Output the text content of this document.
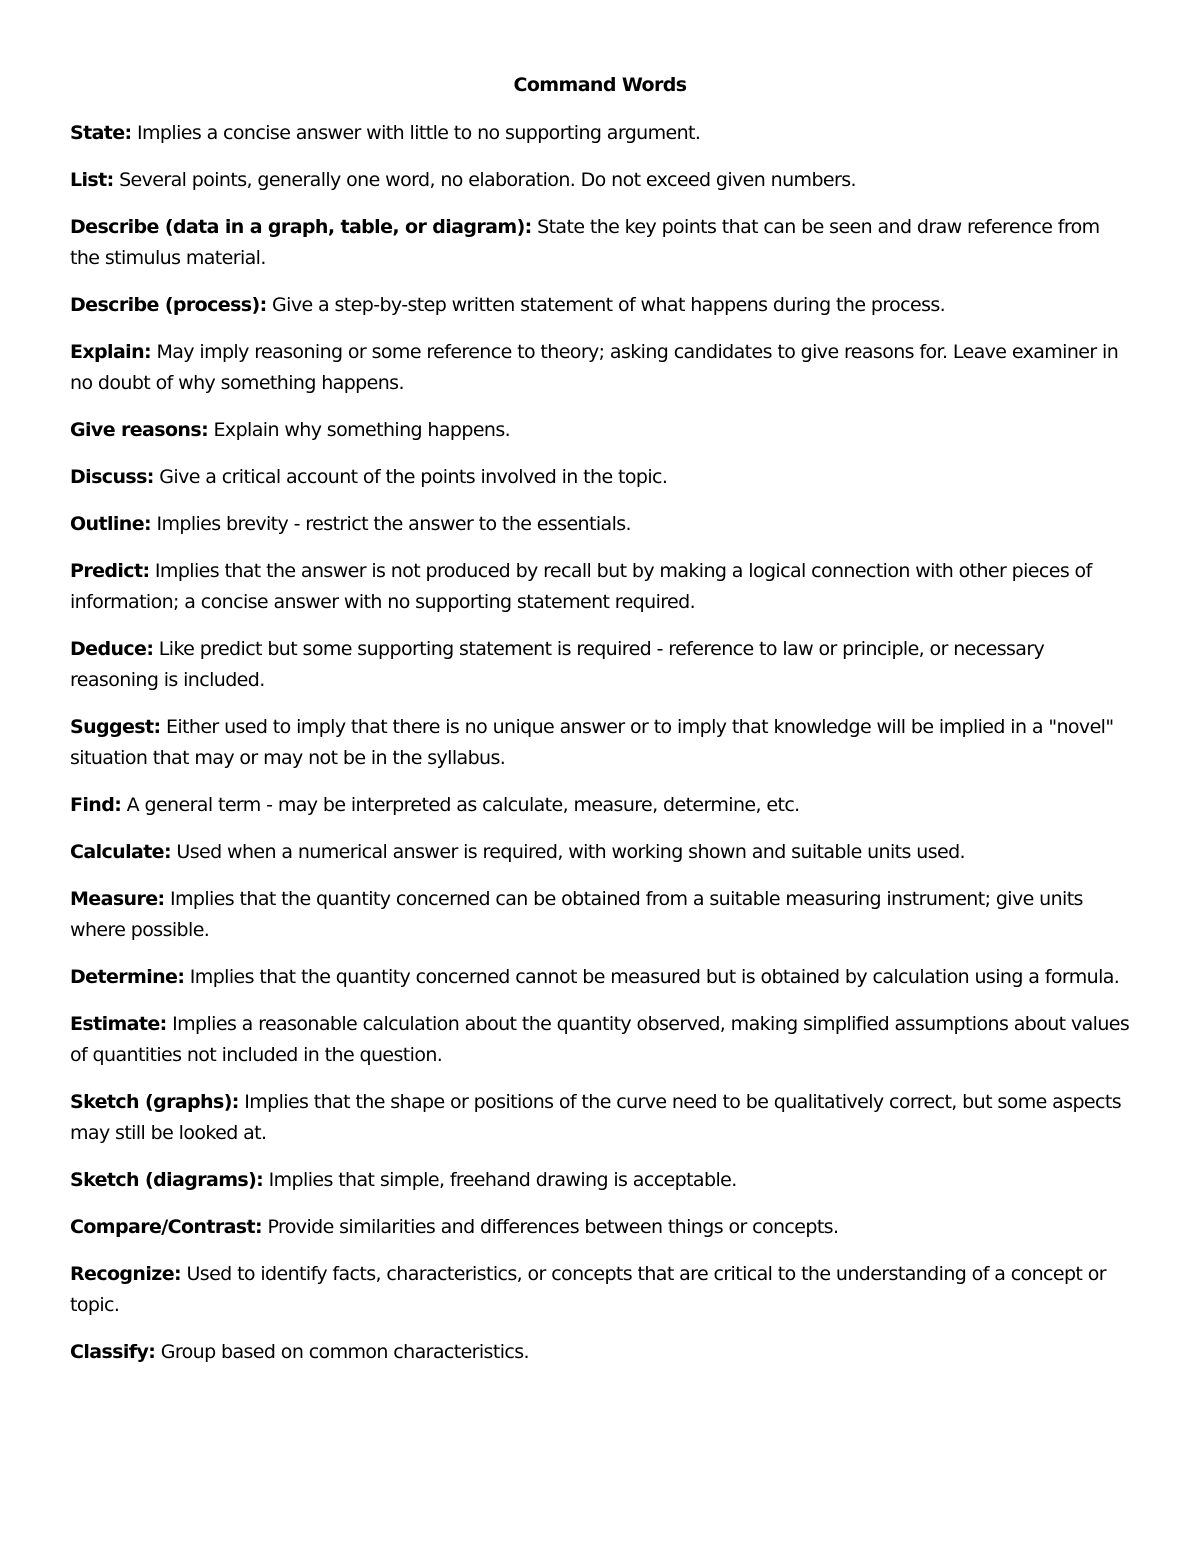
Command Words

State: Implies a concise answer with little to no supporting argument.

List: Several points, generally one word, no elaboration. Do not exceed given numbers.

Describe (data in a graph, table, or diagram): State the key points that can be seen and draw reference from the stimulus material.

Describe (process): Give a step-by-step written statement of what happens during the process.

Explain: May imply reasoning or some reference to theory; asking candidates to give reasons for. Leave examiner in no doubt of why something happens.

Give reasons: Explain why something happens.

Discuss: Give a critical account of the points involved in the topic.

Outline: Implies brevity - restrict the answer to the essentials.

Predict: Implies that the answer is not produced by recall but by making a logical connection with other pieces of information; a concise answer with no supporting statement required.

Deduce: Like predict but some supporting statement is required - reference to law or principle, or necessary reasoning is included.

Suggest: Either used to imply that there is no unique answer or to imply that knowledge will be implied in a "novel" situation that may or may not be in the syllabus.

Find: A general term - may be interpreted as calculate, measure, determine, etc.

Calculate: Used when a numerical answer is required, with working shown and suitable units used.

Measure: Implies that the quantity concerned can be obtained from a suitable measuring instrument; give units where possible.

Determine: Implies that the quantity concerned cannot be measured but is obtained by calculation using a formula.

Estimate: Implies a reasonable calculation about the quantity observed, making simplified assumptions about values of quantities not included in the question.

Sketch (graphs): Implies that the shape or positions of the curve need to be qualitatively correct, but some aspects may still be looked at.

Sketch (diagrams): Implies that simple, freehand drawing is acceptable.

Compare/Contrast: Provide similarities and differences between things or concepts.

Recognize: Used to identify facts, characteristics, or concepts that are critical to the understanding of a concept or topic.

Classify: Group based on common characteristics.
